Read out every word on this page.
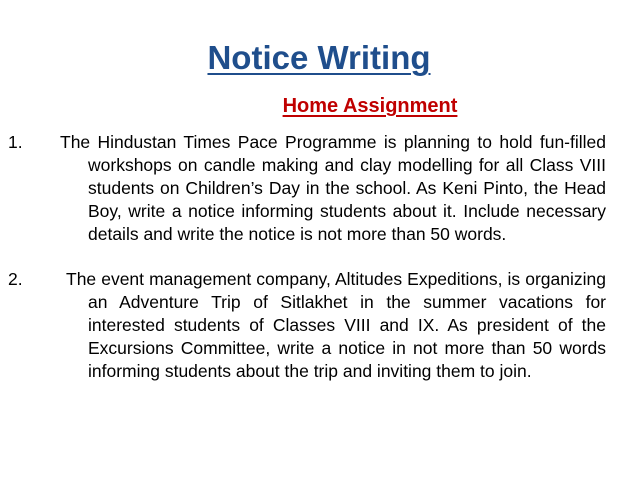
Notice Writing
Home Assignment
1. The Hindustan Times Pace Programme is planning to hold fun-filled workshops on candle making and clay modelling for all Class VIII students on Children’s Day in the school. As Keni Pinto, the Head Boy, write a notice informing students about it. Include necessary details and write the notice is not more than 50 words.
2. The event management company, Altitudes Expeditions, is organizing an Adventure Trip of Sitlakhet in the summer vacations for interested students of Classes VIII and IX. As president of the Excursions Committee, write a notice in not more than 50 words informing students about the trip and inviting them to join.
